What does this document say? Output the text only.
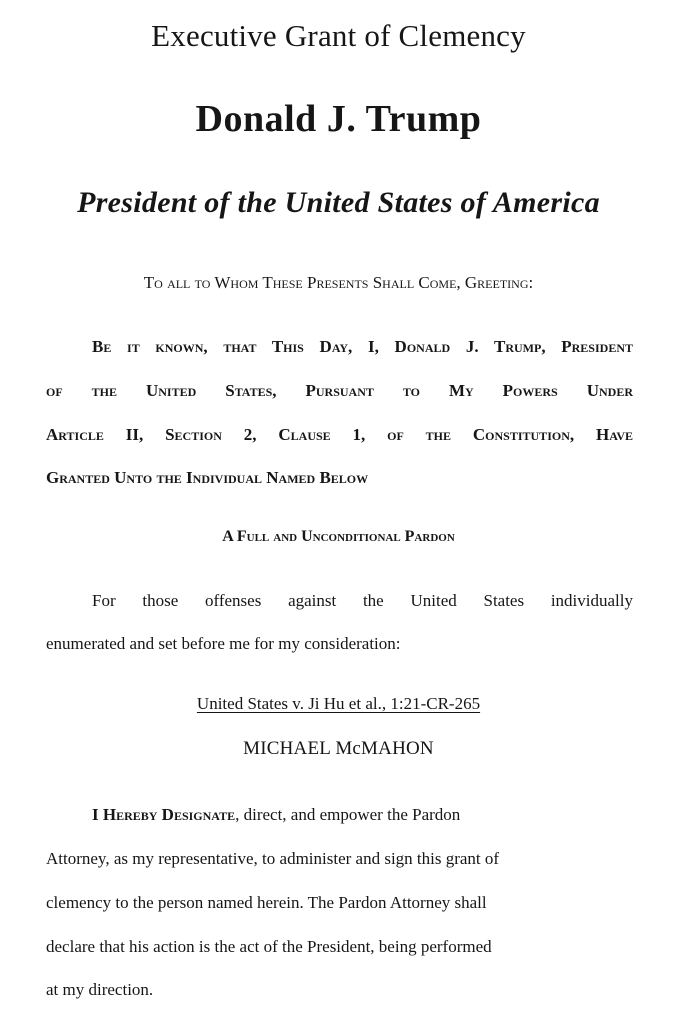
Executive Grant of Clemency
Donald J. Trump
President of the United States of America
To all to Whom These Presents Shall Come, Greeting:
Be it known, that This Day, I, Donald J. Trump, President
of the United States, Pursuant to My Powers Under
Article II, Section 2, Clause 1, of the Constitution, Have
Granted Unto the Individual Named Below
A Full and Unconditional Pardon
For those offenses against the United States individually
enumerated and set before me for my consideration:
United States v. Ji Hu et al., 1:21-CR-265
MICHAEL McMAHON
I Hereby Designate, direct, and empower the Pardon
Attorney, as my representative, to administer and sign this grant of
clemency to the person named herein. The Pardon Attorney shall
declare that his action is the act of the President, being performed
at my direction.
